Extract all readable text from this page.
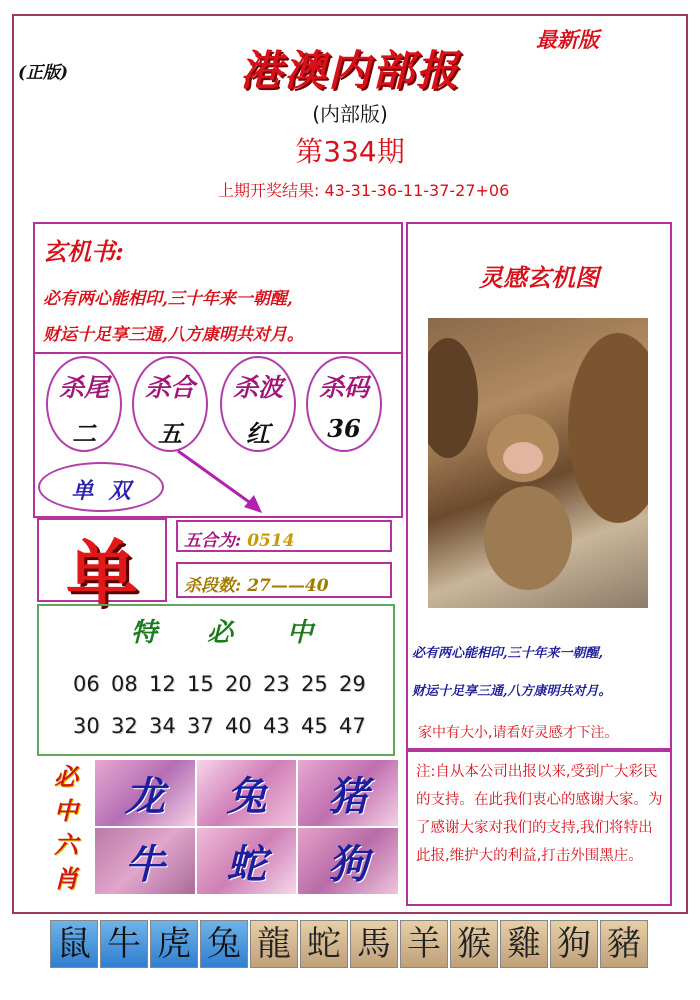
(正版)
最新版
港澳内部报
(内部版)
第334期
上期开奖结果: 43-31-36-11-37-27+06
玄机书:
必有两心能相印,三十年来一朝醒,
财运十足享三通,八方康明共对月。
杀尾
二
杀合
五
杀波
红
杀码
36
单  双
单	五合为: 0514
杀段数: 27——40
特 必 中
06 08 12 15 20 23 25 29
30 32 34 37 40 43 45 47
必
中
六
肖
龙 兔 猪
牛 蛇 狗
灵感玄机图
必有两心能相印,三十年来一朝醒,
财运十足享三通,八方康明共对月。
家中有大小,请看好灵感才下注。
注:自从本公司出报以来,受到广大彩民的支持。在此我们衷心的感谢大家。为了感谢大家对我们的支持,我们将特出此报,维护大的利益,打击外围黑庄。
鼠 牛 虎 兔 龍 蛇 馬 羊 猴 雞 狗 豬
